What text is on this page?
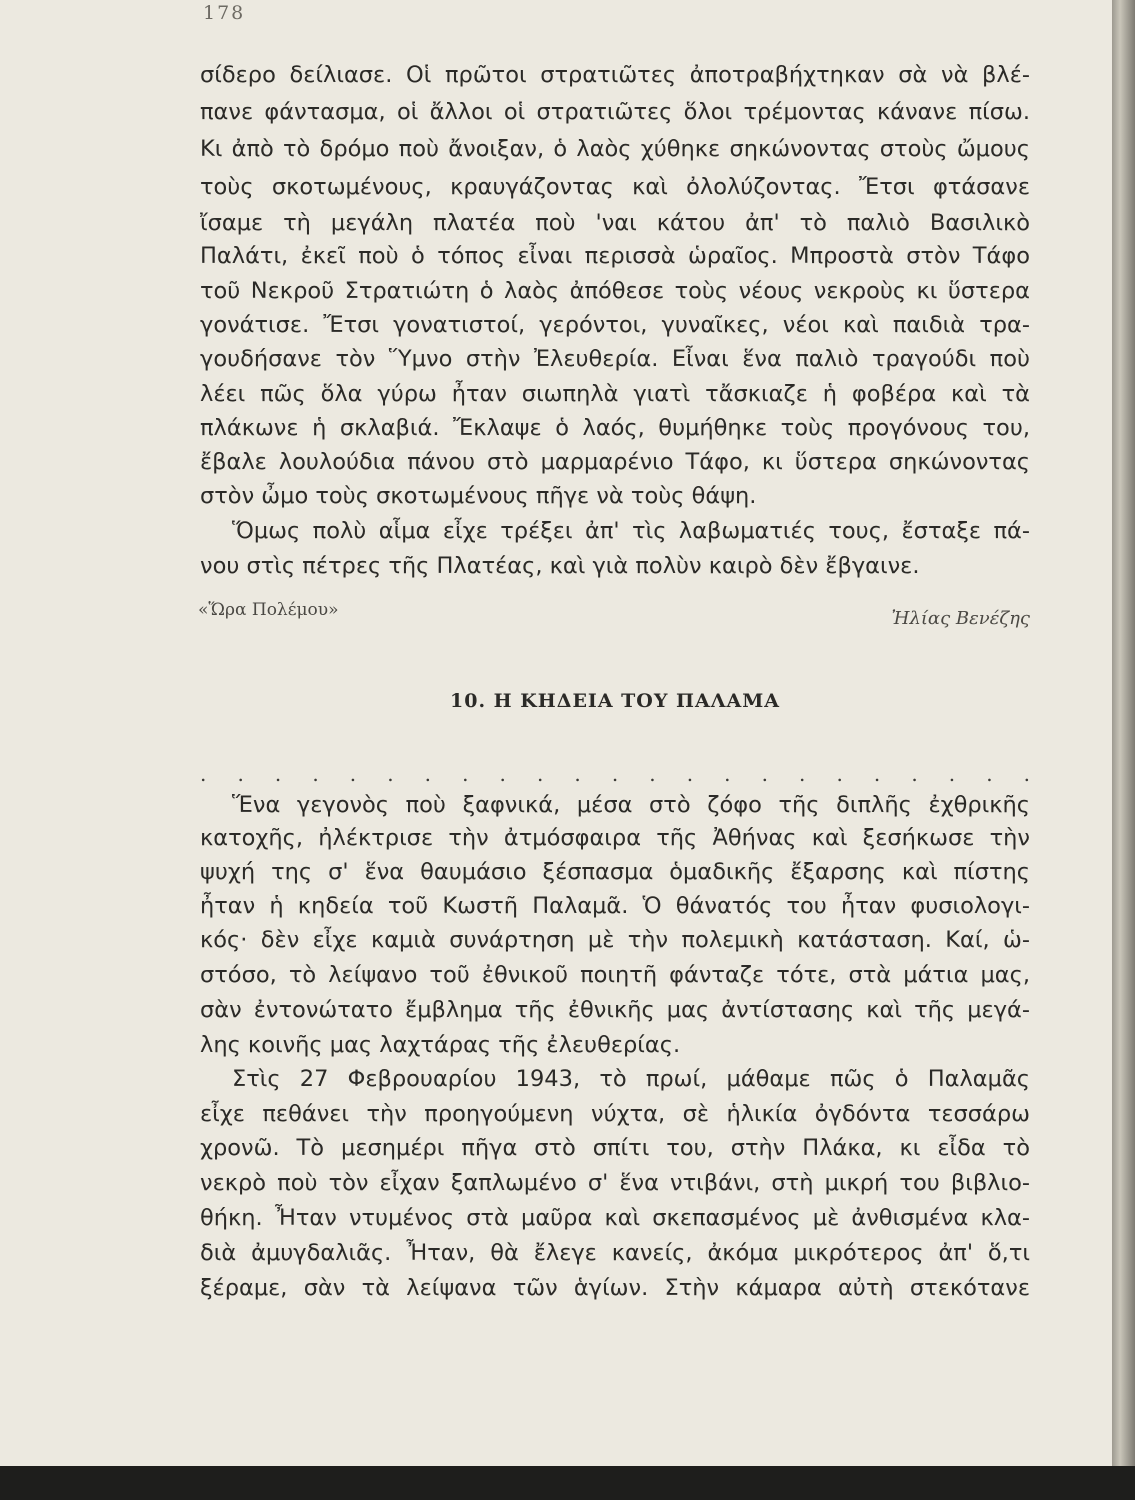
178
σίδερο δείλιασε. Οἱ πρῶτοι στρατιῶτες ἀποτραβήχτηκαν σὰ νὰ βλέ-
πανε φάντασμα, οἱ ἄλλοι οἱ στρατιῶτες ὅλοι τρέμοντας κάνανε πίσω.
Κι ἀπὸ τὸ δρόμο ποὺ ἄνοιξαν, ὁ λαὸς χύθηκε σηκώνοντας στοὺς ὤμους
τοὺς σκοτωμένους, κραυγάζοντας καὶ ὀλολύζοντας. Ἔτσι φτάσανε
ἴσαμε τὴ μεγάλη πλατέα ποὺ 'ναι κάτου ἀπ' τὸ παλιὸ Βασιλικὸ
Παλάτι, ἐκεῖ ποὺ ὁ τόπος εἶναι περισσὰ ὡραῖος. Μπροστὰ στὸν Τάφο
τοῦ Νεκροῦ Στρατιώτη ὁ λαὸς ἀπόθεσε τοὺς νέους νεκροὺς κι ὕστερα
γονάτισε. Ἔτσι γονατιστοί, γερόντοι, γυναῖκες, νέοι καὶ παιδιὰ τρα-
γουδήσανε τὸν Ὕμνο στὴν Ἐλευθερία. Εἶναι ἕνα παλιὸ τραγούδι ποὺ
λέει πῶς ὅλα γύρω ἦταν σιωπηλὰ γιατὶ τἄσκιαζε ἡ φοβέρα καὶ τὰ
πλάκωνε ἡ σκλαβιά. Ἔκλαψε ὁ λαός, θυμήθηκε τοὺς προγόνους του,
ἔβαλε λουλούδια πάνου στὸ μαρμαρένιο Τάφο, κι ὕστερα σηκώνοντας
στὸν ὦμο τοὺς σκοτωμένους πῆγε νὰ τοὺς θάψη.
Ὅμως πολὺ αἷμα εἶχε τρέξει ἀπ' τὶς λαβωματιές τους, ἔσταξε πά-
νου στὶς πέτρες τῆς Πλατέας, καὶ γιὰ πολὺν καιρὸ δὲν ἔβγαινε.
«Ὥρα Πολέμου»	Ἠλίας Βενέζης
10. Η ΚΗΔΕΙΑ ΤΟΥ ΠΑΛΑΜΑ
. . . . . . . . . . . . . . . . . . . . . . .
Ἕνα γεγονὸς ποὺ ξαφνικά, μέσα στὸ ζόφο τῆς διπλῆς ἐχθρικῆς
κατοχῆς, ἠλέκτρισε τὴν ἀτμόσφαιρα τῆς Ἀθήνας καὶ ξεσήκωσε τὴν
ψυχή της σ' ἕνα θαυμάσιο ξέσπασμα ὁμαδικῆς ἔξαρσης καὶ πίστης
ἦταν ἡ κηδεία τοῦ Κωστῆ Παλαμᾶ. Ὁ θάνατός του ἦταν φυσιολογι-
κός· δὲν εἶχε καμιὰ συνάρτηση μὲ τὴν πολεμικὴ κατάσταση. Καί, ὡ-
στόσο, τὸ λείψανο τοῦ ἐθνικοῦ ποιητῆ φάνταζε τότε, στὰ μάτια μας,
σὰν ἐντονώτατο ἔμβλημα τῆς ἐθνικῆς μας ἀντίστασης καὶ τῆς μεγά-
λης κοινῆς μας λαχτάρας τῆς ἐλευθερίας.
Στὶς 27 Φεβρουαρίου 1943, τὸ πρωί, μάθαμε πῶς ὁ Παλαμᾶς
εἶχε πεθάνει τὴν προηγούμενη νύχτα, σὲ ἡλικία ὀγδόντα τεσσάρω
χρονῶ. Τὸ μεσημέρι πῆγα στὸ σπίτι του, στὴν Πλάκα, κι εἶδα τὸ
νεκρὸ ποὺ τὸν εἶχαν ξαπλωμένο σ' ἕνα ντιβάνι, στὴ μικρή του βιβλιο-
θήκη. Ἦταν ντυμένος στὰ μαῦρα καὶ σκεπασμένος μὲ ἀνθισμένα κλα-
διὰ ἀμυγδαλιᾶς. Ἦταν, θὰ ἔλεγε κανείς, ἀκόμα μικρότερος ἀπ' ὅ,τι
ξέραμε, σὰν τὰ λείψανα τῶν ἁγίων. Στὴν κάμαρα αὐτὴ στεκότανε
